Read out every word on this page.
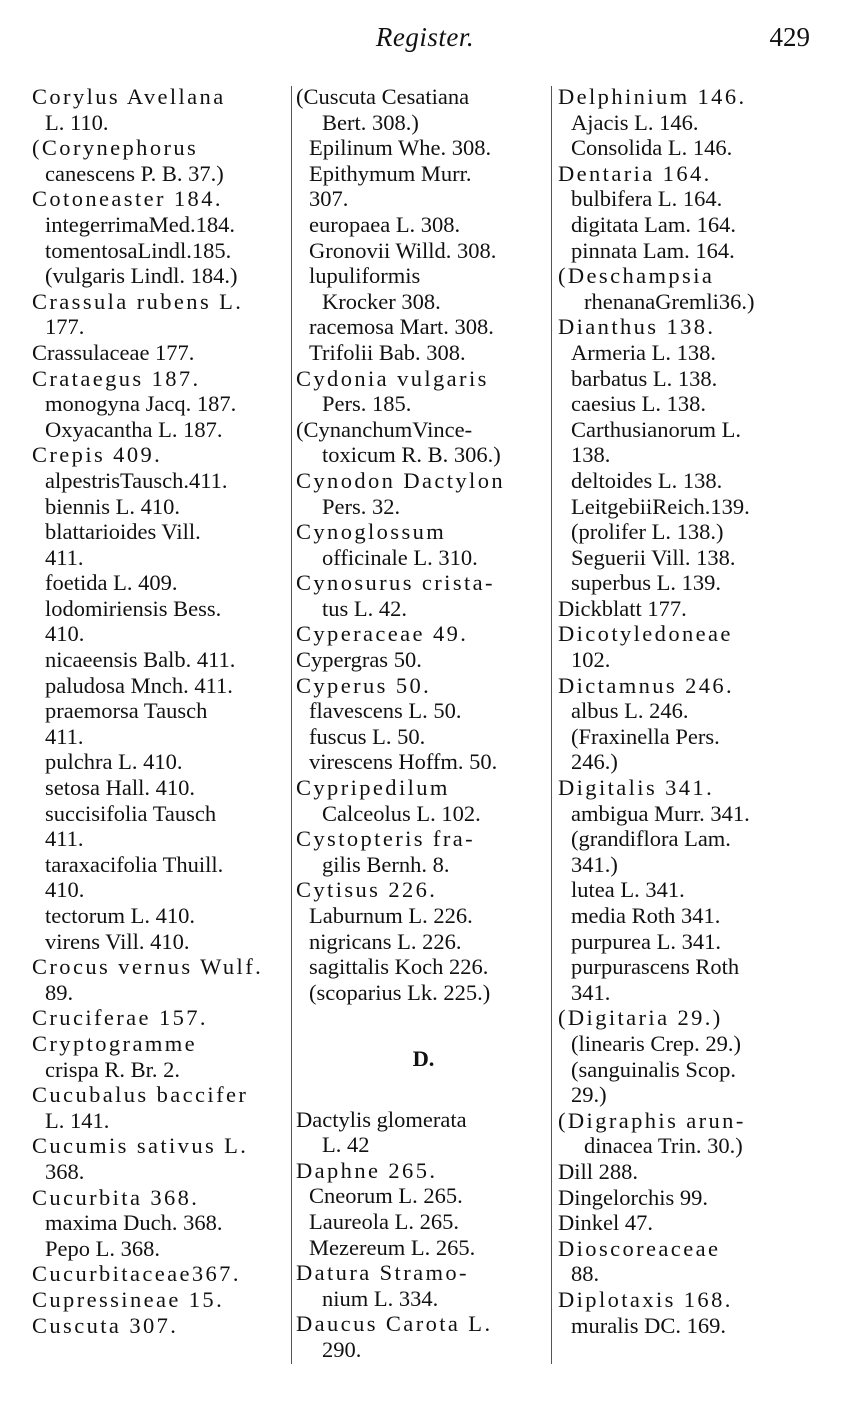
Register.	429
Corylus Avellana
L. 110.
(Corynephorus
canescens P. B. 37.)
Cotoneaster 184.
integerrimaMed.184.
tomentosaLindl.185.
(vulgaris Lindl. 184.)
Crassula rubens L.
177.
Crassulaceae 177.
Crataegus 187.
monogyna Jacq. 187.
Oxyacantha L. 187.
Crepis 409.
alpestrisTausch.411.
biennis L. 410.
blattarioides Vill.
411.
foetida L. 409.
lodomiriensis Bess.
410.
nicaeensis Balb. 411.
paludosa Mnch. 411.
praemorsa Tausch
411.
pulchra L. 410.
setosa Hall. 410.
succisifolia Tausch
411.
taraxacifolia Thuill.
410.
tectorum L. 410.
virens Vill. 410.
Crocus vernus Wulf.
89.
Cruciferae 157.
Cryptogramme
crispa R. Br. 2.
Cucubalus baccifer
L. 141.
Cucumis sativus L.
368.
Cucurbita 368.
maxima Duch. 368.
Pepo L. 368.
Cucurbitaceae367.
Cupressineae 15.
Cuscuta 307.
(Cuscuta Cesatiana
Bert. 308.)
Epilinum Whe. 308.
Epithymum Murr.
307.
europaea L. 308.
Gronovii Willd. 308.
lupuliformis
Krocker 308.
racemosa Mart. 308.
Trifolii Bab. 308.
Cydonia vulgaris
Pers. 185.
(CynanchumVince-
toxicum R. B. 306.)
Cynodon Dactylon
Pers. 32.
Cynoglossum
officinale L. 310.
Cynosurus crista-
tus L. 42.
Cyperaceae 49.
Cypergras 50.
Cyperus 50.
flavescens L. 50.
fuscus L. 50.
virescens Hoffm. 50.
Cypripedilum
Calceolus L. 102.
Cystopteris fra-
gilis Bernh. 8.
Cytisus 226.
Laburnum L. 226.
nigricans L. 226.
sagittalis Koch 226.
(scoparius Lk. 225.)
D.
Dactylis glomerata
L. 42
Daphne 265.
Cneorum L. 265.
Laureola L. 265.
Mezereum L. 265.
Datura Stramo-
nium L. 334.
Daucus Carota L.
290.
Delphinium 146.
Ajacis L. 146.
Consolida L. 146.
Dentaria 164.
bulbifera L. 164.
digitata Lam. 164.
pinnata Lam. 164.
(Deschampsia
rhenanaGremli36.)
Dianthus 138.
Armeria L. 138.
barbatus L. 138.
caesius L. 138.
Carthusianorum L.
138.
deltoides L. 138.
LeitgebiiReich.139.
(prolifer L. 138.)
Seguerii Vill. 138.
superbus L. 139.
Dickblatt 177.
Dicotyledoneae
102.
Dictamnus 246.
albus L. 246.
(Fraxinella Pers.
246.)
Digitalis 341.
ambigua Murr. 341.
(grandiflora Lam.
341.)
lutea L. 341.
media Roth 341.
purpurea L. 341.
purpurascens Roth
341.
(Digitaria 29.)
(linearis Crep. 29.)
(sanguinalis Scop.
29.)
(Digraphis arun-
dinacea Trin. 30.)
Dill 288.
Dingelorchis 99.
Dinkel 47.
Dioscoreaceae
88.
Diplotaxis 168.
muralis DC. 169.
